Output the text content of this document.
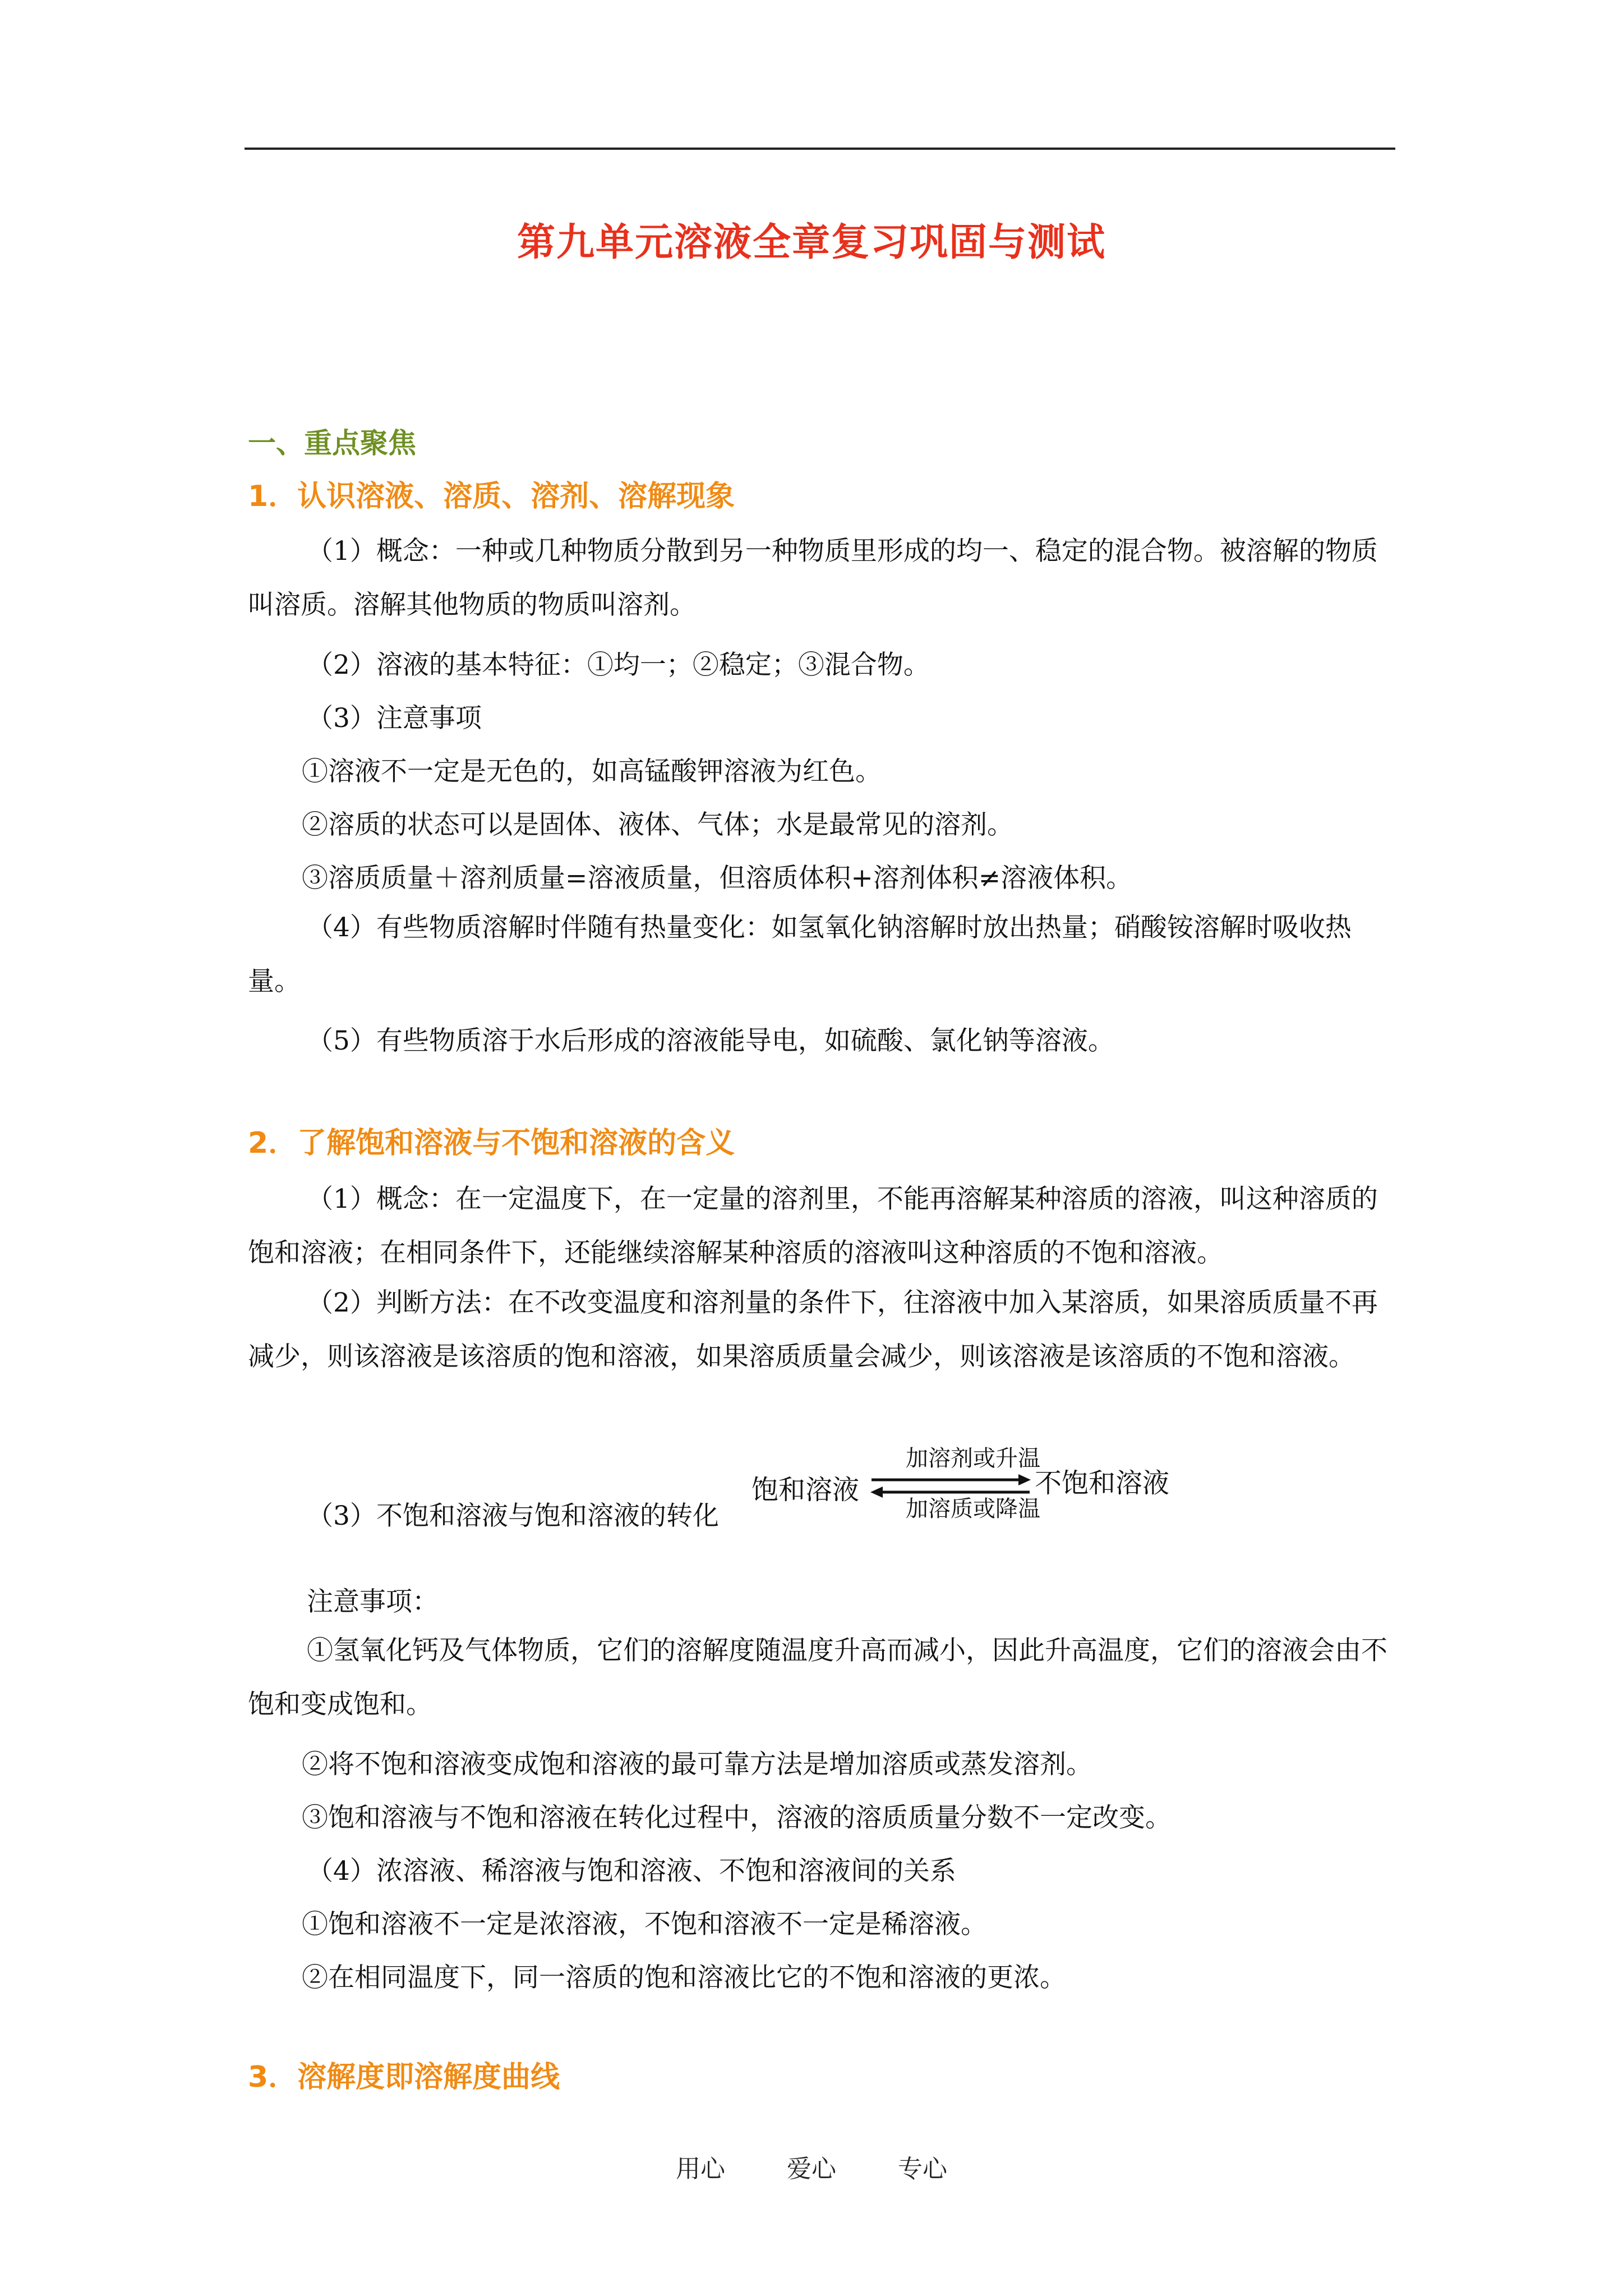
第九单元溶液全章复习巩固与测试
一、重点聚焦
1．认识溶液、溶质、溶剂、溶解现象
（1）概念：一种或几种物质分散到另一种物质里形成的均一、稳定的混合物。被溶解的物质叫溶质。溶解其他物质的物质叫溶剂。
（2）溶液的基本特征：①均一；②稳定；③混合物。
（3）注意事项
①溶液不一定是无色的，如高锰酸钾溶液为红色。
②溶质的状态可以是固体、液体、气体；水是最常见的溶剂。
③溶质质量＋溶剂质量=溶液质量，但溶质体积+溶剂体积≠溶液体积。
（4）有些物质溶解时伴随有热量变化：如氢氧化钠溶解时放出热量；硝酸铵溶解时吸收热量。
（5）有些物质溶于水后形成的溶液能导电，如硫酸、氯化钠等溶液。
2．了解饱和溶液与不饱和溶液的含义
（1）概念：在一定温度下，在一定量的溶剂里，不能再溶解某种溶质的溶液，叫这种溶质的饱和溶液；在相同条件下，还能继续溶解某种溶质的溶液叫这种溶质的不饱和溶液。
（2）判断方法：在不改变温度和溶剂量的条件下，往溶液中加入某溶质，如果溶质质量不再减少，则该溶液是该溶质的饱和溶液，如果溶质质量会减少，则该溶液是该溶质的不饱和溶液。
（3）不饱和溶液与饱和溶液的转化
饱和溶液
加溶剂或升温
加溶质或降温
不饱和溶液
注意事项：
①氢氧化钙及气体物质，它们的溶解度随温度升高而减小，因此升高温度，它们的溶液会由不饱和变成饱和。
②将不饱和溶液变成饱和溶液的最可靠方法是增加溶质或蒸发溶剂。
③饱和溶液与不饱和溶液在转化过程中，溶液的溶质质量分数不一定改变。
（4）浓溶液、稀溶液与饱和溶液、不饱和溶液间的关系
①饱和溶液不一定是浓溶液，不饱和溶液不一定是稀溶液。
②在相同温度下，同一溶质的饱和溶液比它的不饱和溶液的更浓。
3．溶解度即溶解度曲线
用心	爱心	专心
